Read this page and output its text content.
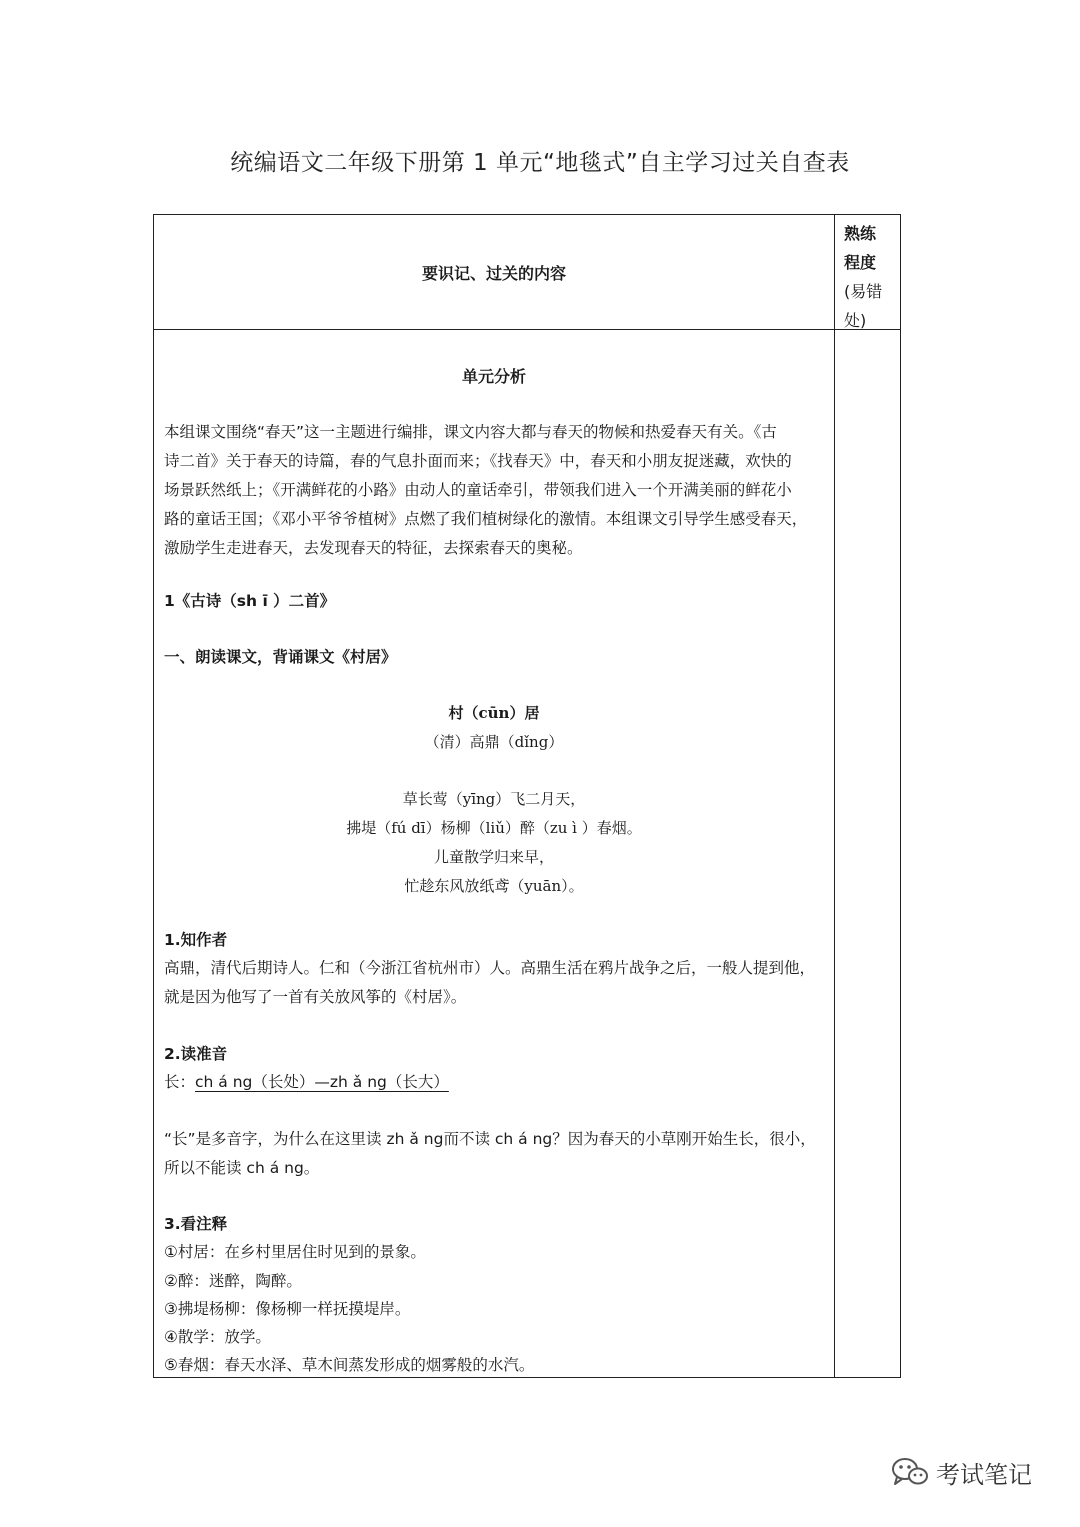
统编语文二年级下册第 1 单元“地毯式”自主学习过关自查表
要识记、过关的内容
熟练
程度
(易错
处)
单元分析
本组课文围绕“春天”这一主题进行编排，课文内容大都与春天的物候和热爱春天有关。《古
诗二首》关于春天的诗篇，春的气息扑面而来；《找春天》中，春天和小朋友捉迷藏，欢快的
场景跃然纸上；《开满鲜花的小路》由动人的童话牵引，带领我们进入一个开满美丽的鲜花小
路的童话王国；《邓小平爷爷植树》点燃了我们植树绿化的激情。本组课文引导学生感受春天，
激励学生走进春天，去发现春天的特征，去探索春天的奥秘。
1《古诗（sh ī ）二首》
一、朗读课文，背诵课文《村居》
村（cūn）居
（清）高鼎（dǐng）
草长莺（yīng）飞二月天，
拂堤（fú dī）杨柳（liǔ）醉（zu ì ）春烟。
儿童散学归来早，
忙趁东风放纸鸢（yuān）。
1.知作者
高鼎，清代后期诗人。仁和（今浙江省杭州市）人。高鼎生活在鸦片战争之后，一般人提到他，
就是因为他写了一首有关放风筝的《村居》。
2.读准音
长：ch á ng（长处）—zh ǎ ng（长大）
“长”是多音字，为什么在这里读 zh ǎ ng而不读 ch á ng？因为春天的小草刚开始生长，很小，
所以不能读 ch á ng。
3.看注释
①村居：在乡村里居住时见到的景象。
②醉：迷醉，陶醉。
③拂堤杨柳：像杨柳一样抚摸堤岸。
④散学：放学。
⑤春烟：春天水泽、草木间蒸发形成的烟雾般的水汽。
考试笔记
